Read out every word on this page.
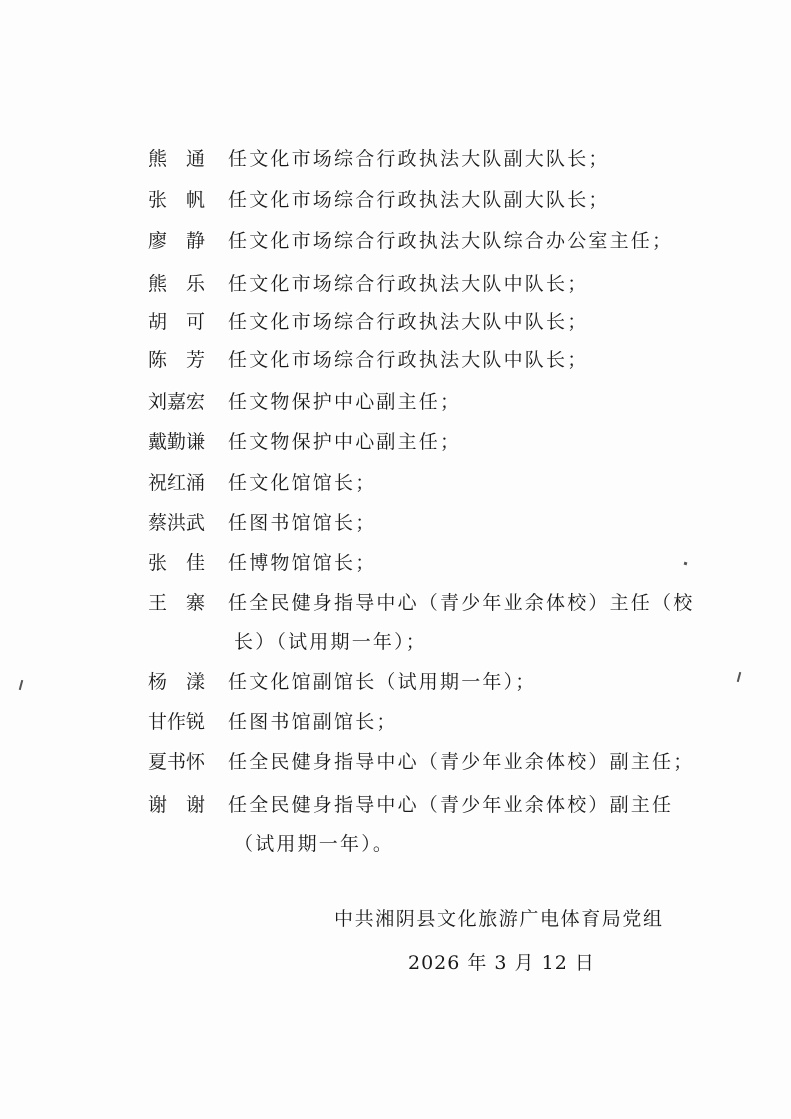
熊　通	任文化市场综合行政执法大队副大队长；
张　帆	任文化市场综合行政执法大队副大队长；
廖　静	任文化市场综合行政执法大队综合办公室主任；
熊　乐	任文化市场综合行政执法大队中队长；
胡　可	任文化市场综合行政执法大队中队长；
陈　芳	任文化市场综合行政执法大队中队长；
刘嘉宏	任文物保护中心副主任；
戴勤谦	任文物保护中心副主任；
祝红涌	任文化馆馆长；
蔡洪武	任图书馆馆长；
张　佳	任博物馆馆长；
王　寨	任全民健身指导中心（青少年业余体校）主任（校
长）（试用期一年）；
杨　漾	任文化馆副馆长（试用期一年）；
甘作锐	任图书馆副馆长；
夏书怀	任全民健身指导中心（青少年业余体校）副主任；
谢　谢	任全民健身指导中心（青少年业余体校）副主任
（试用期一年）。
中共湘阴县文化旅游广电体育局党组
2026 年 3 月 12 日
